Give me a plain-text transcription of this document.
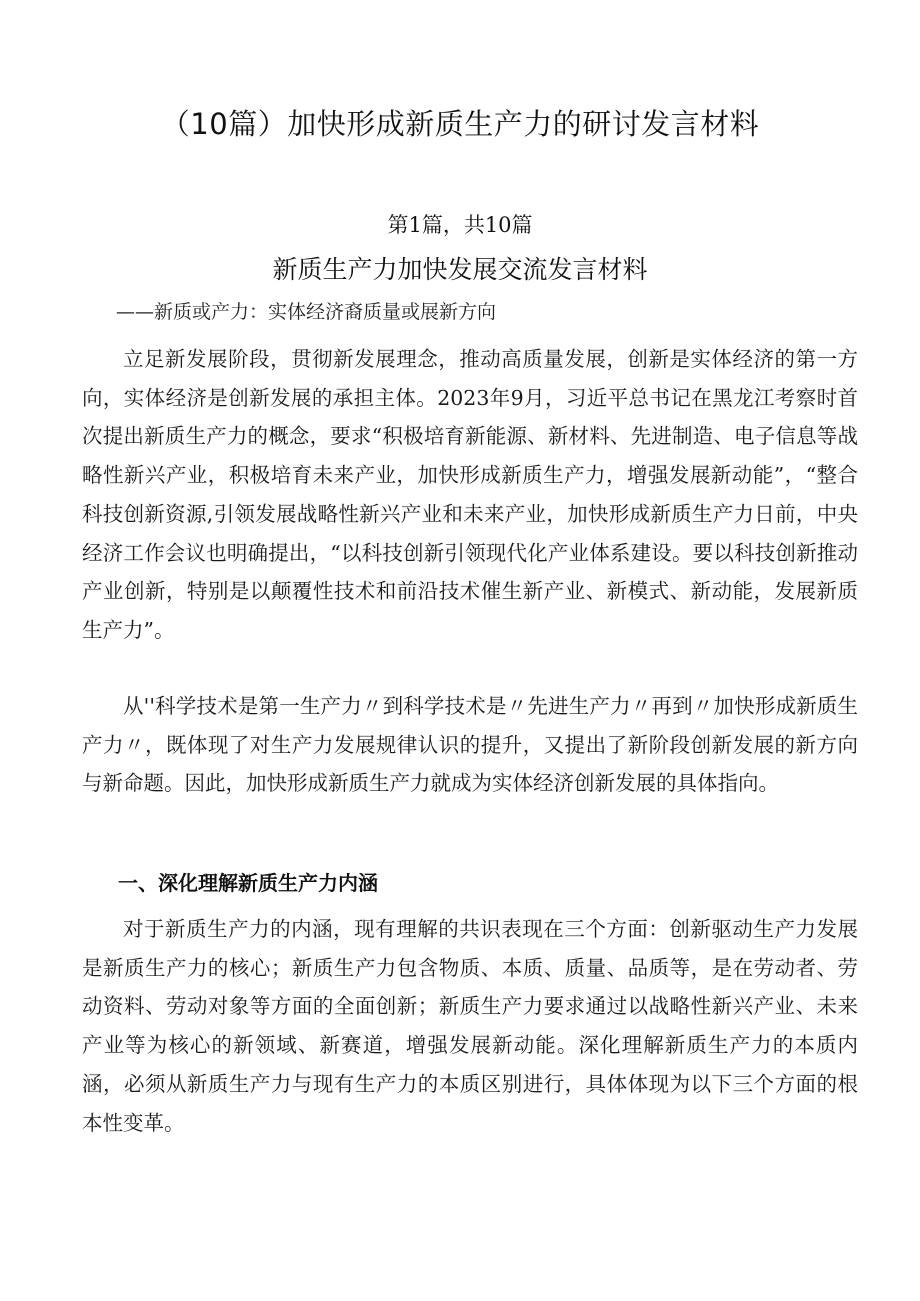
（10篇）加快形成新质生产力的研讨发言材料
第1篇，共10篇
新质生产力加快发展交流发言材料
——新质或产力：实体经济裔质量或展新方向

立足新发展阶段，贯彻新发展理念，推动高质量发展，创新是实体经济的第一方向，实体经济是创新发展的承担主体。2023年9月，习近平总书记在黑龙江考察时首次提出新质生产力的概念，要求“积极培育新能源、新材料、先进制造、电子信息等战略性新兴产业，积极培育未来产业，加快形成新质生产力，增强发展新动能”，“整合科技创新资源,引领发展战略性新兴产业和未来产业，加快形成新质生产力日前，中央经济工作会议也明确提出，“以科技创新引领现代化产业体系建设。要以科技创新推动产业创新，特别是以颠覆性技术和前沿技术催生新产业、新模式、新动能，发展新质生产力”。

从''科学技术是第一生产力〃到科学技术是〃先进生产力〃再到〃加快形成新质生产力〃，既体现了对生产力发展规律认识的提升，又提出了新阶段创新发展的新方向与新命题。因此，加快形成新质生产力就成为实体经济创新发展的具体指向。

一、深化理解新质生产力内涵

对于新质生产力的内涵，现有理解的共识表现在三个方面：创新驱动生产力发展是新质生产力的核心；新质生产力包含物质、本质、质量、品质等，是在劳动者、劳动资料、劳动对象等方面的全面创新；新质生产力要求通过以战略性新兴产业、未来产业等为核心的新领域、新赛道，增强发展新动能。深化理解新质生产力的本质内涵，必须从新质生产力与现有生产力的本质区别进行，具体体现为以下三个方面的根本性变革。
